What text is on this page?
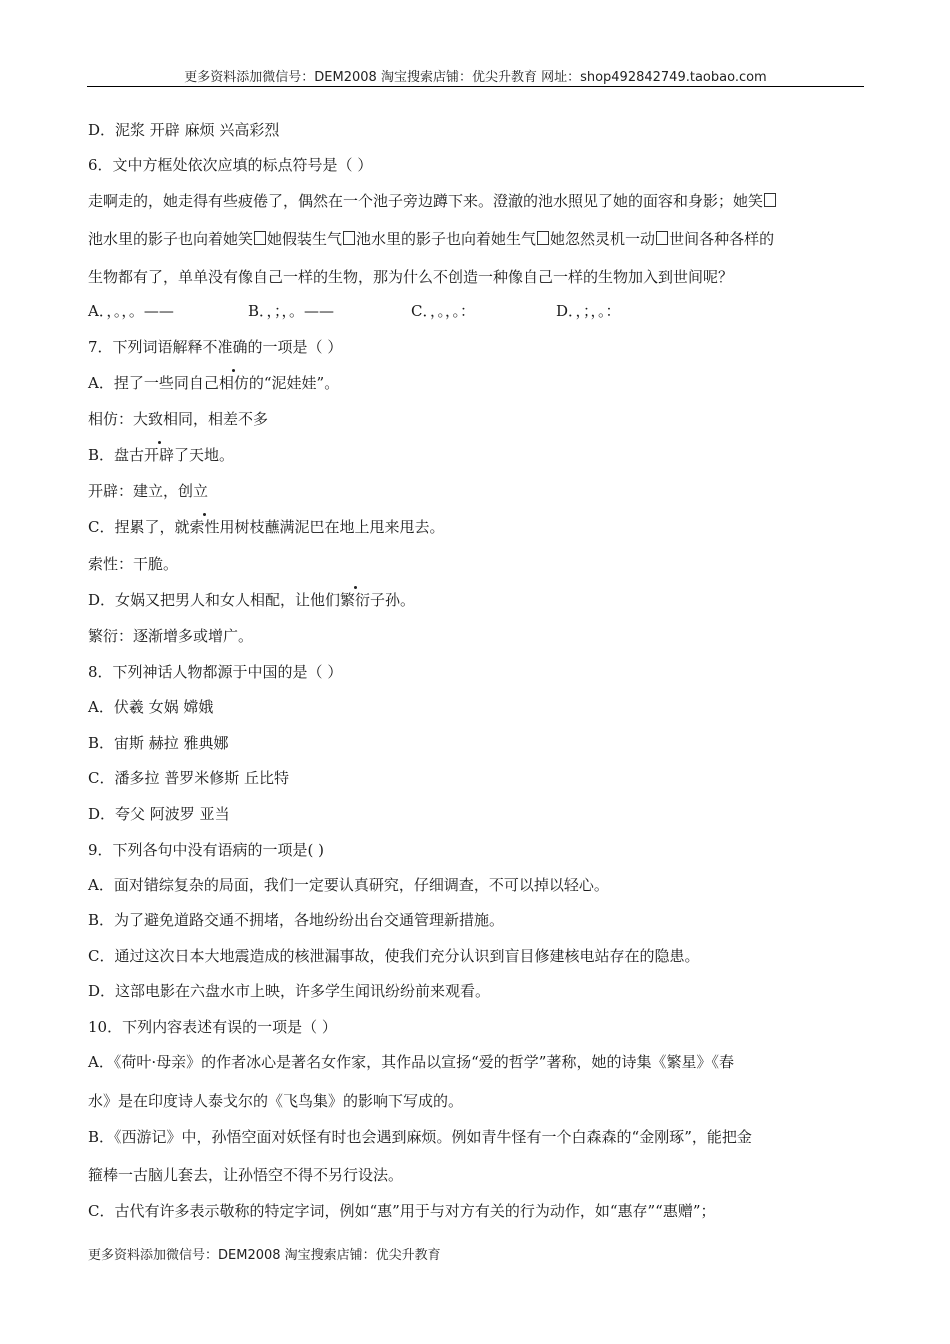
更多资料添加微信号：DEM2008 淘宝搜索店铺：优尖升教育 网址：shop492842749.taobao.com
D．泥浆 开辟 麻烦 兴高彩烈
6．文中方框处依次应填的标点符号是（ ）
走啊走的，她走得有些疲倦了，偶然在一个池子旁边蹲下来。澄澈的池水照见了她的面容和身影；她笑
池水里的影子也向着她笑 她假装生气 池水里的影子也向着她生气 她忽然灵机一动 世间各种各样的
生物都有了，单单没有像自己一样的生物，那为什么不创造一种像自己一样的生物加入到世间呢？
A．，。，。——	B．，；，。——	C．，。，。：	D．，；，。：
7．下列词语解释不准确的一项是（ ）
A．捏了一些同自己相仿的“泥娃娃”。
相仿：大致相同，相差不多
B．盘古开辟了天地。
开辟：建立，创立
C．捏累了，就索性用树枝蘸满泥巴在地上甩来甩去。
索性：干脆。
D．女娲又把男人和女人相配，让他们繁衍子孙。
繁衍：逐渐增多或增广。
8．下列神话人物都源于中国的是（ ）
A．伏羲 女娲 嫦娥
B．宙斯 赫拉 雅典娜
C．潘多拉 普罗米修斯 丘比特
D．夸父 阿波罗 亚当
9．下列各句中没有语病的一项是( )
A．面对错综复杂的局面，我们一定要认真研究，仔细调查，不可以掉以轻心。
B．为了避免道路交通不拥堵，各地纷纷出台交通管理新措施。
C．通过这次日本大地震造成的核泄漏事故，使我们充分认识到盲目修建核电站存在的隐患。
D．这部电影在六盘水市上映，许多学生闻讯纷纷前来观看。
10．下列内容表述有误的一项是（ ）
A．《荷叶·母亲》的作者冰心是著名女作家，其作品以宣扬“爱的哲学”著称，她的诗集《繁星》《春
水》是在印度诗人泰戈尔的《飞鸟集》的影响下写成的。
B．《西游记》中，孙悟空面对妖怪有时也会遇到麻烦。例如青牛怪有一个白森森的“金刚琢”，能把金
箍棒一古脑儿套去，让孙悟空不得不另行设法。
C．古代有许多表示敬称的特定字词，例如“惠”用于与对方有关的行为动作，如“惠存”“惠赠”；
更多资料添加微信号：DEM2008 淘宝搜索店铺：优尖升教育
